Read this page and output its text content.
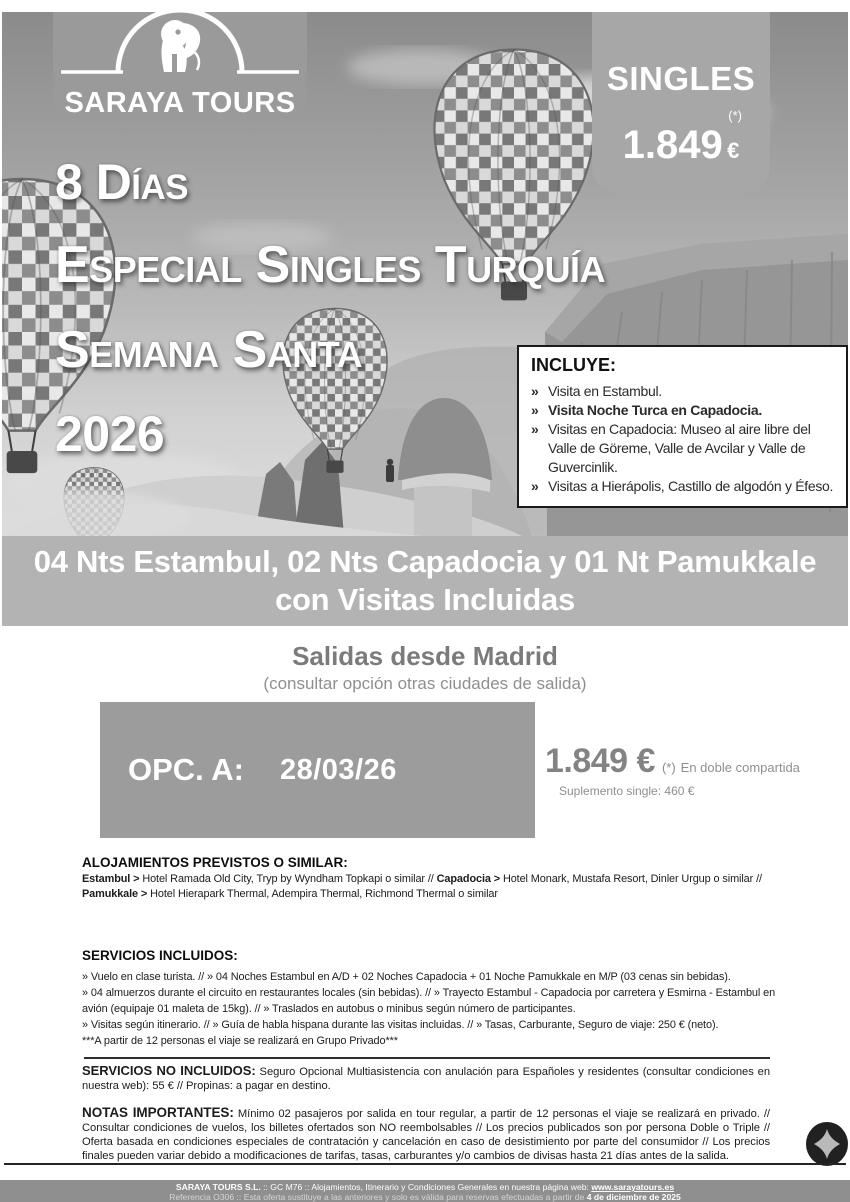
SARAYA TOURS
SINGLES
(*)
1.849 €
8 Días
Especial Singles Turquía
Semana Santa
2026
INCLUYE:
» Visita en Estambul.
» Visita Noche Turca en Capadocia.
» Visitas en Capadocia: Museo al aire libre del Valle de Göreme, Valle de Avcilar y Valle de Guvercinlik.
» Visitas a Hierápolis, Castillo de algodón y Éfeso.
04 Nts Estambul, 02 Nts Capadocia y 01 Nt Pamukkale
con Visitas Incluidas
Salidas desde Madrid
(consultar opción otras ciudades de salida)
OPC. A: 28/03/26	1.849 € (*) En doble compartida
Suplemento single: 460 €
ALOJAMIENTOS PREVISTOS O SIMILAR:
Estambul > Hotel Ramada Old City, Tryp by Wyndham Topkapi o similar // Capadocia > Hotel Monark, Mustafa Resort, Dinler Urgup o similar //
Pamukkale > Hotel Hierapark Thermal, Adempira Thermal, Richmond Thermal o similar
SERVICIOS INCLUIDOS:
» Vuelo en clase turista. // » 04 Noches Estambul en A/D + 02 Noches Capadocia + 01 Noche Pamukkale en M/P (03 cenas sin bebidas).
» 04 almuerzos durante el circuito en restaurantes locales (sin bebidas). // » Trayecto Estambul - Capadocia por carretera y Esmirna - Estambul en
avión (equipaje 01 maleta de 15kg). // » Traslados en autobus o minibus según número de participantes.
» Visitas según itinerario. // » Guía de habla hispana durante las visitas incluidas. // » Tasas, Carburante, Seguro de viaje: 250 € (neto).
***A partir de 12 personas el viaje se realizará en Grupo Privado***

SERVICIOS NO INCLUIDOS: Seguro Opcional Multiasistencia con anulación para Españoles y residentes (consultar condiciones en nuestra web): 55 € // Propinas: a pagar en destino.

NOTAS IMPORTANTES: Mínimo 02 pasajeros por salida en tour regular, a partir de 12 personas el viaje se realizará en privado. // Consultar condiciones de vuelos, los billetes ofertados son NO reembolsables // Los precios publicados son por persona Doble o Triple // Oferta basada en condiciones especiales de contratación y cancelación en caso de desistimiento por parte del consumidor // Los precios finales pueden variar debido a modificaciones de tarifas, tasas, carburantes y/o cambios de divisas hasta 21 días antes de la salida.

SARAYA TOURS S.L. :: GC M76 :: Alojamientos, Itinerario y Condiciones Generales en nuestra página web: www.sarayatours.es
Referencia O306 :: Esta oferta sustituye a las anteriores y solo es válida para reservas efectuadas a partir de 4 de diciembre de 2025
